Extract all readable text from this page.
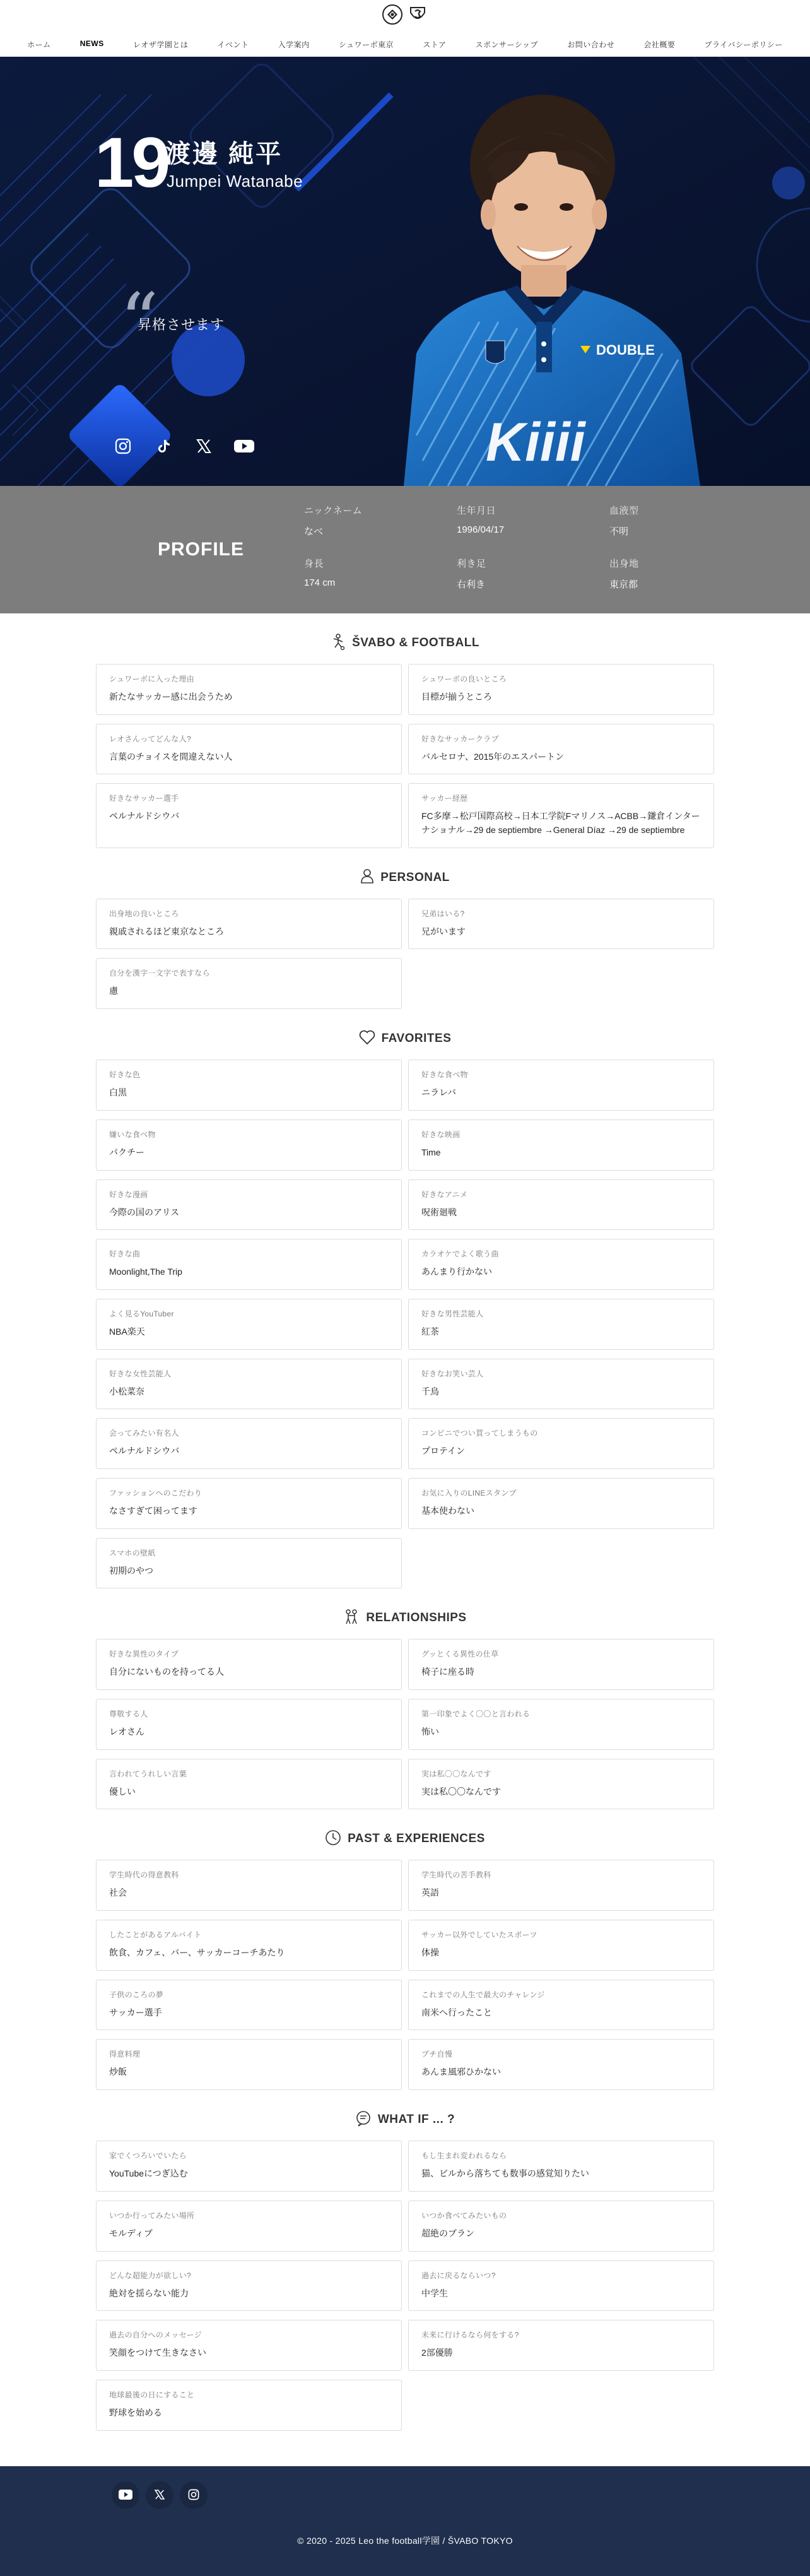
ホーム	NEWS	レオザ学園とは	イベント	入学案内	シュワーボ東京	ストア	スポンサーシップ	お問い合わせ	会社概要	プライバシーポリシー
Kiiii
DOUBLE
19
渡邊 純平
Jumpei Watanabe
“
昇格させます
PROFILE
ニックネーム
なべ
生年月日
1996/04/17
血液型
不明
身長
174 cm
利き足
右利き
出身地
東京都
ŠVABO & FOOTBALL
シュワーボに入った理由
新たなサッカー感に出会うため
シュワーボの良いところ
目標が揃うところ
レオさんってどんな人?
言葉のチョイスを間違えない人
好きなサッカークラブ
バルセロナ、2015年のエスパートン
好きなサッカー選手
ペルナルドシウバ
サッカー経歴
FC多摩→松戸国際高校→日本工学院Fマリノス→ACBB→鎌倉インターナショナル→29 de septiembre →General Díaz →29 de septiembre
PERSONAL
出身地の良いところ
親戚されるほど東京なところ
兄弟はいる?
兄がいます
自分を漢字一文字で表すなら
慮
FAVORITES
好きな色
白黒
好きな食べ物
ニラレバ
嫌いな食べ物
パクチー
好きな映画
Time
好きな漫画
今際の国のアリス
好きなアニメ
呪術廻戦
好きな曲
Moonlight,The Trip
カラオケでよく歌う曲
あんまり行かない
よく見るYouTuber
NBA楽天
好きな男性芸能人
紅茶
好きな女性芸能人
小松菜奈
好きなお笑い芸人
千鳥
会ってみたい有名人
ペルナルドシウバ
コンビニでつい買ってしまうもの
プロテイン
ファッションへのこだわり
なさすぎて困ってます
お気に入りのLINEスタンプ
基本使わない
スマホの壁紙
初期のやつ
RELATIONSHIPS
好きな異性のタイプ
自分にないものを持ってる人
グッとくる異性の仕草
椅子に座る時
尊敬する人
レオさん
第一印象でよく〇〇と言われる
怖い
言われてうれしい言葉
優しい
実は私〇〇なんです
実は私〇〇なんです
PAST & EXPERIENCES
学生時代の得意教科
社会
学生時代の苦手教科
英語
したことがあるアルバイト
飲食、カフェ、バー、サッカーコーチあたり
サッカー以外でしていたスポーツ
体操
子供のころの夢
サッカー選手
これまでの人生で最大のチャレンジ
南米へ行ったこと
得意料理
炒飯
プチ自慢
あんま風邪ひかない
WHAT IF ... ?
家でくつろいでいたら
YouTubeにつぎ込む
もし生まれ変われるなら
猫、ビルから落ちても数事の感覚知りたい
いつか行ってみたい場所
モルディブ
いつか食べてみたいもの
超絶のブラン
どんな超能力が欲しい?
絶対を揺らない能力
過去に戻るならいつ?
中学生
過去の自分へのメッセージ
笑顔をつけて生きなさい
未来に行けるなら何をする?
2部優勝
地球最後の日にすること
野球を始める
© 2020 - 2025 Leo the football学園 / ŠVABO TOKYO
